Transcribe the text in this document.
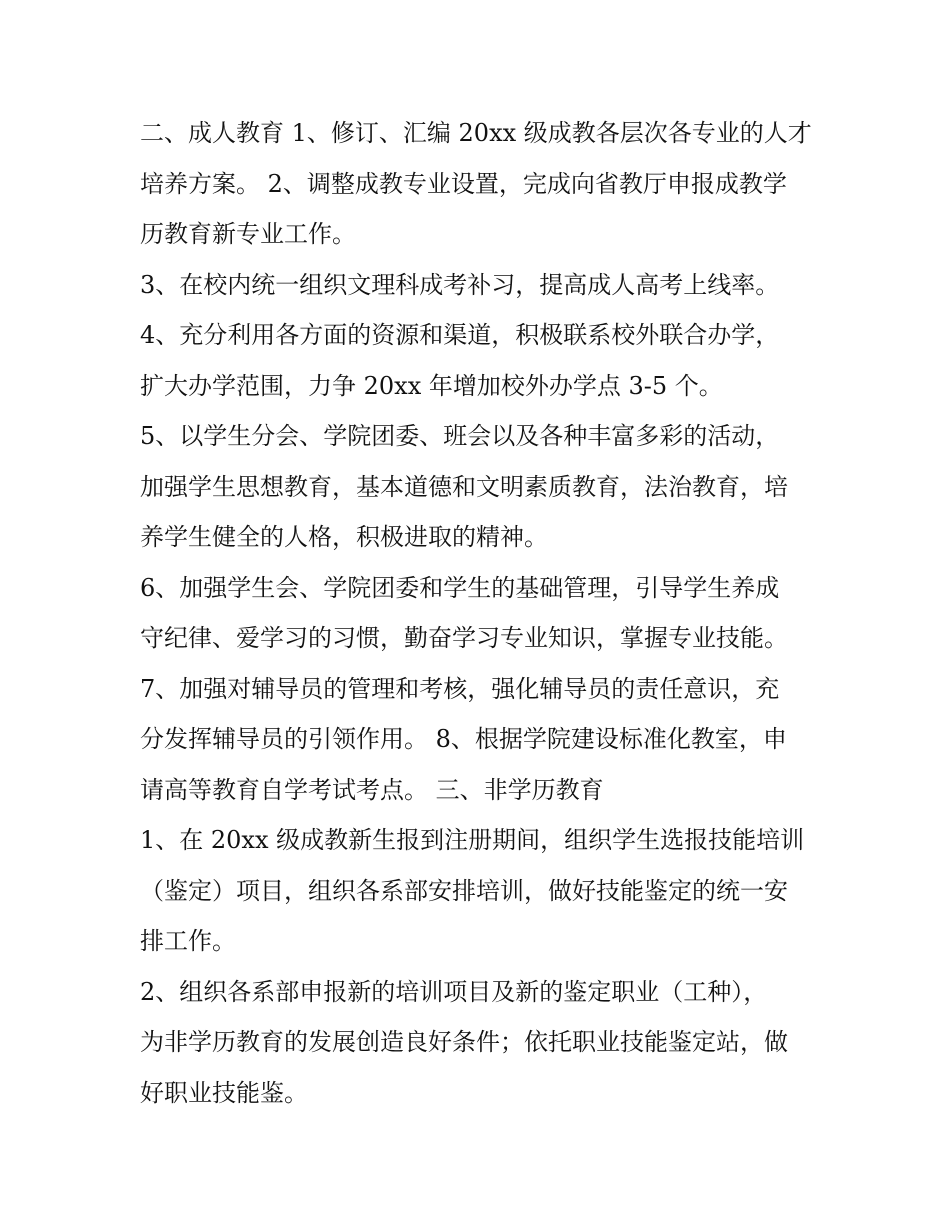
二、成人教育 1、修订、汇编 20xx 级成教各层次各专业的人才
培养方案。 2、调整成教专业设置，完成向省教厅申报成教学
历教育新专业工作。

3、在校内统一组织文理科成考补习，提高成人高考上线率。

4、充分利用各方面的资源和渠道，积极联系校外联合办学，
扩大办学范围，力争 20xx 年增加校外办学点 3-5 个。

5、以学生分会、学院团委、班会以及各种丰富多彩的活动，
加强学生思想教育，基本道德和文明素质教育，法治教育，培
养学生健全的人格，积极进取的精神。

6、加强学生会、学院团委和学生的基础管理，引导学生养成
守纪律、爱学习的习惯，勤奋学习专业知识，掌握专业技能。

7、加强对辅导员的管理和考核，强化辅导员的责任意识，充
分发挥辅导员的引领作用。 8、根据学院建设标准化教室，申
请高等教育自学考试考点。 三、非学历教育

1、在 20xx 级成教新生报到注册期间，组织学生选报技能培训
（鉴定）项目，组织各系部安排培训，做好技能鉴定的统一安
排工作。

2、组织各系部申报新的培训项目及新的鉴定职业（工种），
为非学历教育的发展创造良好条件；依托职业技能鉴定站，做
好职业技能鉴。
